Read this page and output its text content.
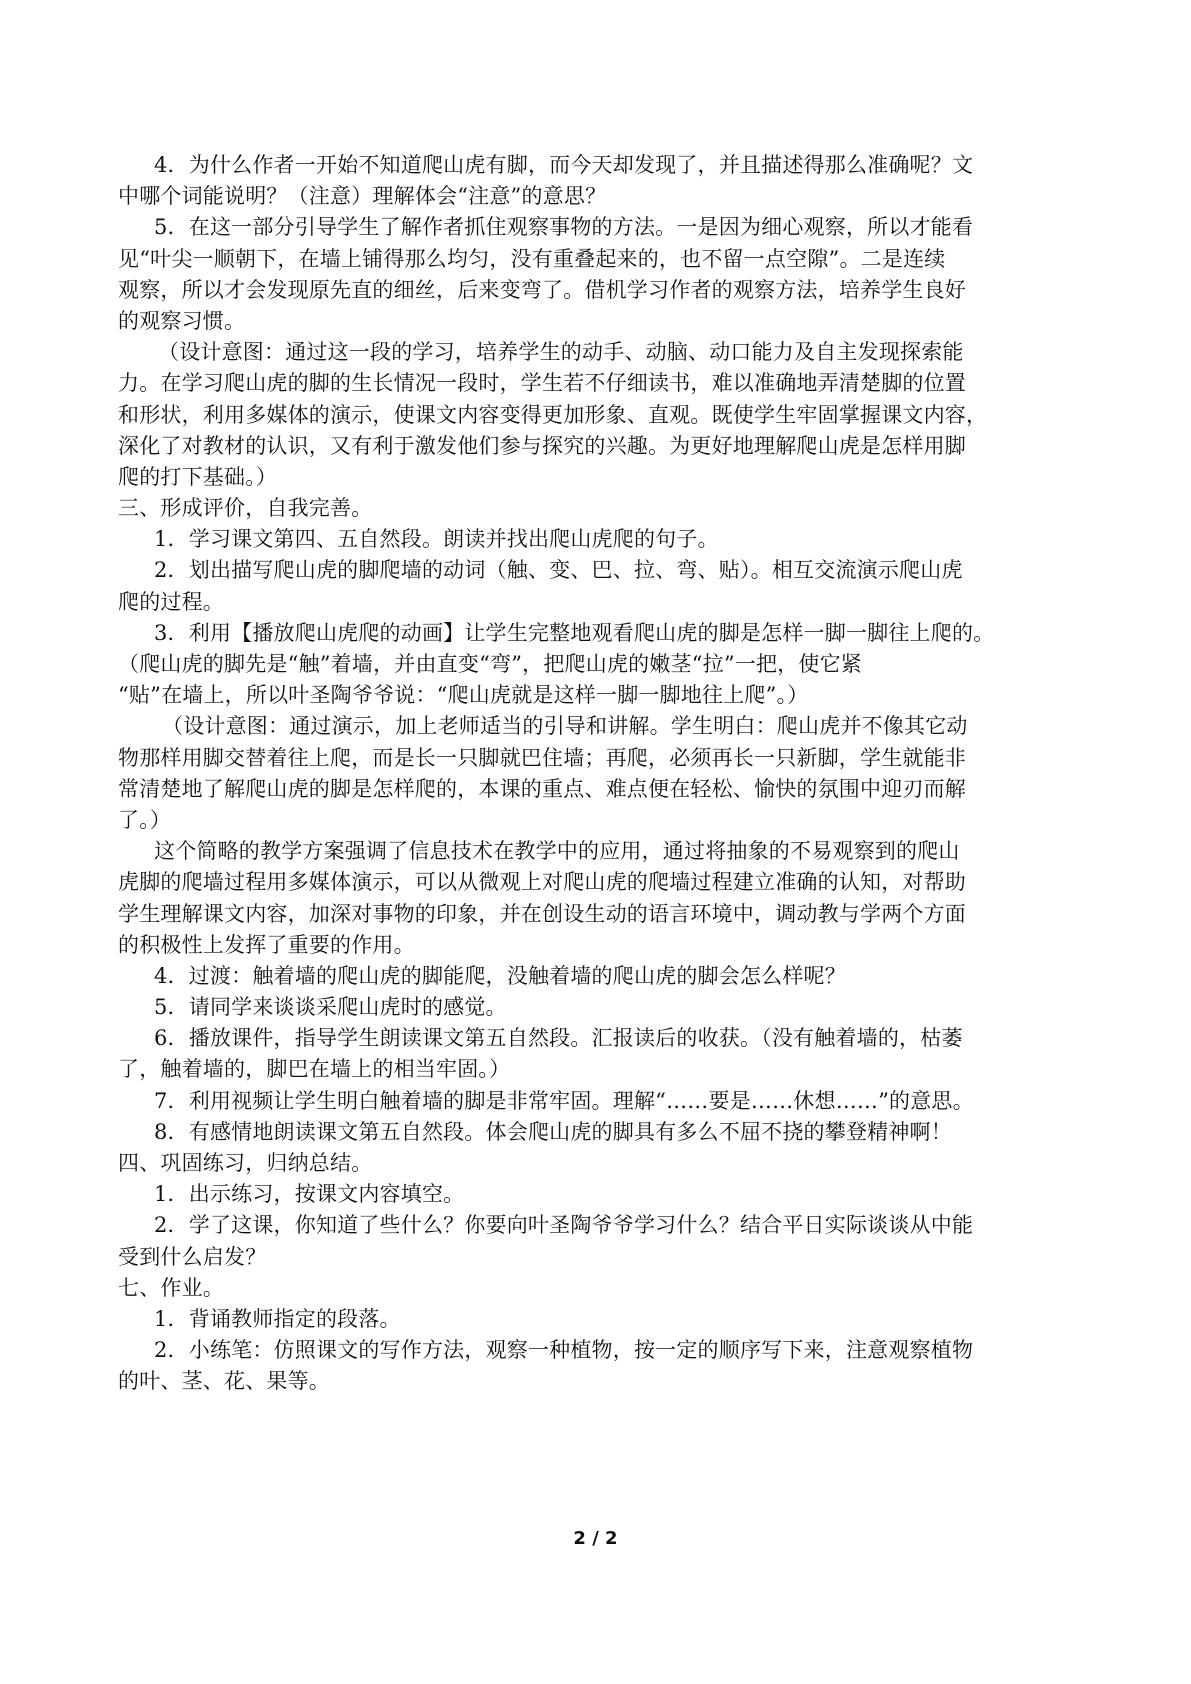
4．为什么作者一开始不知道爬山虎有脚，而今天却发现了，并且描述得那么准确呢？文
中哪个词能说明？（注意）理解体会“注意”的意思？
5．在这一部分引导学生了解作者抓住观察事物的方法。一是因为细心观察，所以才能看
见“叶尖一顺朝下，在墙上铺得那么均匀，没有重叠起来的，也不留一点空隙”。二是连续
观察，所以才会发现原先直的细丝，后来变弯了。借机学习作者的观察方法，培养学生良好
的观察习惯。
（设计意图：通过这一段的学习，培养学生的动手、动脑、动口能力及自主发现探索能
力。在学习爬山虎的脚的生长情况一段时，学生若不仔细读书，难以准确地弄清楚脚的位置
和形状，利用多媒体的演示，使课文内容变得更加形象、直观。既使学生牢固掌握课文内容，
深化了对教材的认识，又有利于激发他们参与探究的兴趣。为更好地理解爬山虎是怎样用脚
爬的打下基础。）
三、形成评价，自我完善。
1．学习课文第四、五自然段。朗读并找出爬山虎爬的句子。
2．划出描写爬山虎的脚爬墙的动词（触、变、巴、拉、弯、贴）。相互交流演示爬山虎
爬的过程。
3．利用【播放爬山虎爬的动画】让学生完整地观看爬山虎的脚是怎样一脚一脚往上爬的。
（爬山虎的脚先是“触”着墙，并由直变“弯”，把爬山虎的嫩茎“拉”一把，使它紧
“贴”在墙上，所以叶圣陶爷爷说：“爬山虎就是这样一脚一脚地往上爬”。）
（设计意图：通过演示，加上老师适当的引导和讲解。学生明白：爬山虎并不像其它动
物那样用脚交替着往上爬，而是长一只脚就巴住墙；再爬，必须再长一只新脚，学生就能非
常清楚地了解爬山虎的脚是怎样爬的，本课的重点、难点便在轻松、愉快的氛围中迎刃而解
了。）
这个简略的教学方案强调了信息技术在教学中的应用，通过将抽象的不易观察到的爬山
虎脚的爬墙过程用多媒体演示，可以从微观上对爬山虎的爬墙过程建立准确的认知，对帮助
学生理解课文内容，加深对事物的印象，并在创设生动的语言环境中，调动教与学两个方面
的积极性上发挥了重要的作用。
4．过渡：触着墙的爬山虎的脚能爬，没触着墙的爬山虎的脚会怎么样呢？
5．请同学来谈谈采爬山虎时的感觉。
6．播放课件，指导学生朗读课文第五自然段。汇报读后的收获。（没有触着墙的，枯萎
了，触着墙的，脚巴在墙上的相当牢固。）
7．利用视频让学生明白触着墙的脚是非常牢固。理解“……要是……休想……”的意思。
8．有感情地朗读课文第五自然段。体会爬山虎的脚具有多么不屈不挠的攀登精神啊！
四、巩固练习，归纳总结。
1．出示练习，按课文内容填空。
2．学了这课，你知道了些什么？你要向叶圣陶爷爷学习什么？结合平日实际谈谈从中能
受到什么启发？
七、作业。
1．背诵教师指定的段落。
2．小练笔：仿照课文的写作方法，观察一种植物，按一定的顺序写下来，注意观察植物
的叶、茎、花、果等。
2 / 2
